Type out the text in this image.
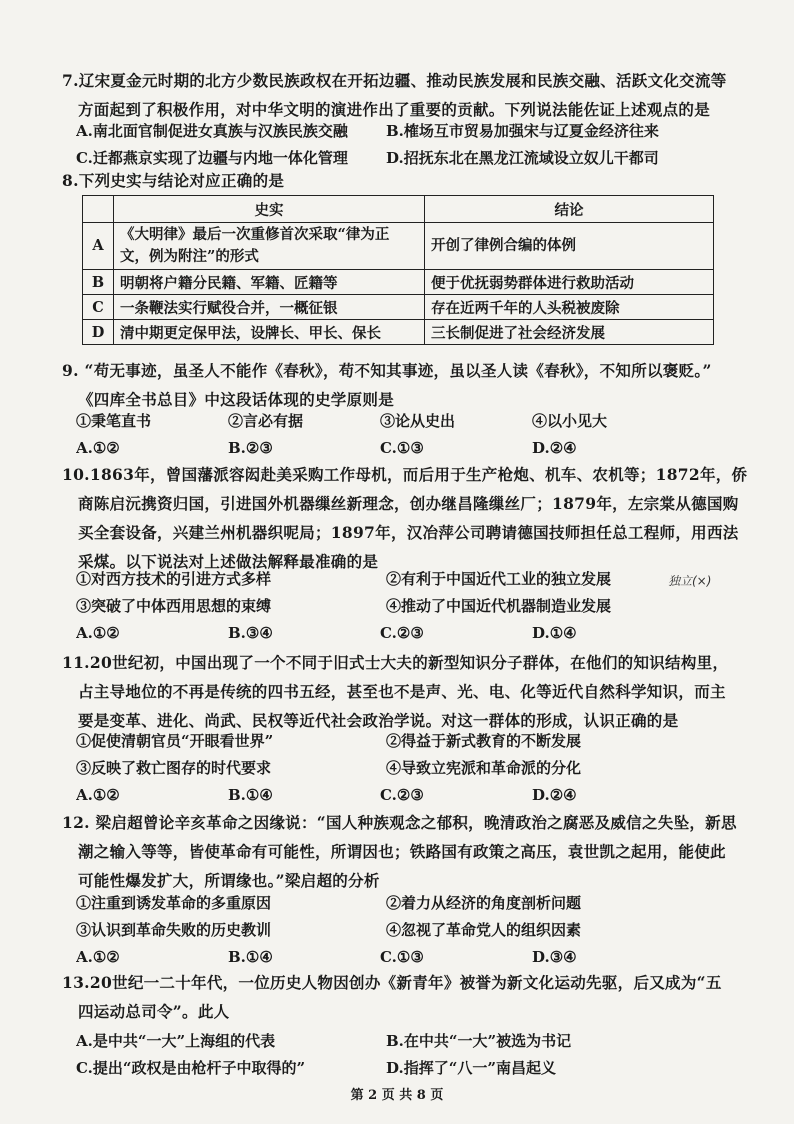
7.辽宋夏金元时期的北方少数民族政权在开拓边疆、推动民族发展和民族交融、活跃文化交流等
方面起到了积极作用，对中华文明的演进作出了重要的贡献。下列说法能佐证上述观点的是
A.南北面官制促进女真族与汉族民族交融	B.榷场互市贸易加强宋与辽夏金经济往来
C.迁都燕京实现了边疆与内地一体化管理	D.招抚东北在黑龙江流域设立奴儿干都司
8.下列史实与结论对应正确的是
	史实	结论
A	《大明律》最后一次重修首次采取“律为正文，例为附注”的形式	开创了律例合编的体例
B	明朝将户籍分民籍、军籍、匠籍等	便于优抚弱势群体进行救助活动
C	一条鞭法实行赋役合并，一概征银	存在近两千年的人头税被废除
D	清中期更定保甲法，设牌长、甲长、保长	三长制促进了社会经济发展
9. “苟无事迹，虽圣人不能作《春秋》，苟不知其事迹，虽以圣人读《春秋》，不知所以褒贬。”
《四库全书总目》中这段话体现的史学原则是
①秉笔直书	②言必有据	③论从史出	④以小见大
A.①②	B.②③	C.①③	D.②④
10.1863年，曾国藩派容闳赴美采购工作母机，而后用于生产枪炮、机车、农机等；1872年，侨
商陈启沅携资归国，引进国外机器缫丝新理念，创办继昌隆缫丝厂；1879年，左宗棠从德国购
买全套设备，兴建兰州机器织呢局；1897年，汉冶萍公司聘请德国技师担任总工程师，用西法
采煤。以下说法对上述做法解释最准确的是
①对西方技术的引进方式多样	②有利于中国近代工业的独立发展
③突破了中体西用思想的束缚	④推动了中国近代机器制造业发展
A.①②	B.③④	C.②③	D.①④
独立(×)
11.20世纪初，中国出现了一个不同于旧式士大夫的新型知识分子群体，在他们的知识结构里，
占主导地位的不再是传统的四书五经，甚至也不是声、光、电、化等近代自然科学知识，而主
要是变革、进化、尚武、民权等近代社会政治学说。对这一群体的形成，认识正确的是
①促使清朝官员“开眼看世界”	②得益于新式教育的不断发展
③反映了救亡图存的时代要求	④导致立宪派和革命派的分化
A.①②	B.①④	C.②③	D.②④
12. 梁启超曾论辛亥革命之因缘说：“国人种族观念之郁积，晚清政治之腐恶及威信之失坠，新思
潮之输入等等，皆使革命有可能性，所谓因也；铁路国有政策之高压，袁世凯之起用，能使此
可能性爆发扩大，所谓缘也。”梁启超的分析
①注重到诱发革命的多重原因	②着力从经济的角度剖析问题
③认识到革命失败的历史教训	④忽视了革命党人的组织因素
A.①②	B.①④	C.①③	D.③④
13.20世纪一二十年代，一位历史人物因创办《新青年》被誉为新文化运动先驱，后又成为“五
四运动总司令”。此人
A.是中共“一大”上海组的代表	B.在中共“一大”被选为书记
C.提出“政权是由枪杆子中取得的”	D.指挥了“八一”南昌起义
第 2 页 共 8 页
